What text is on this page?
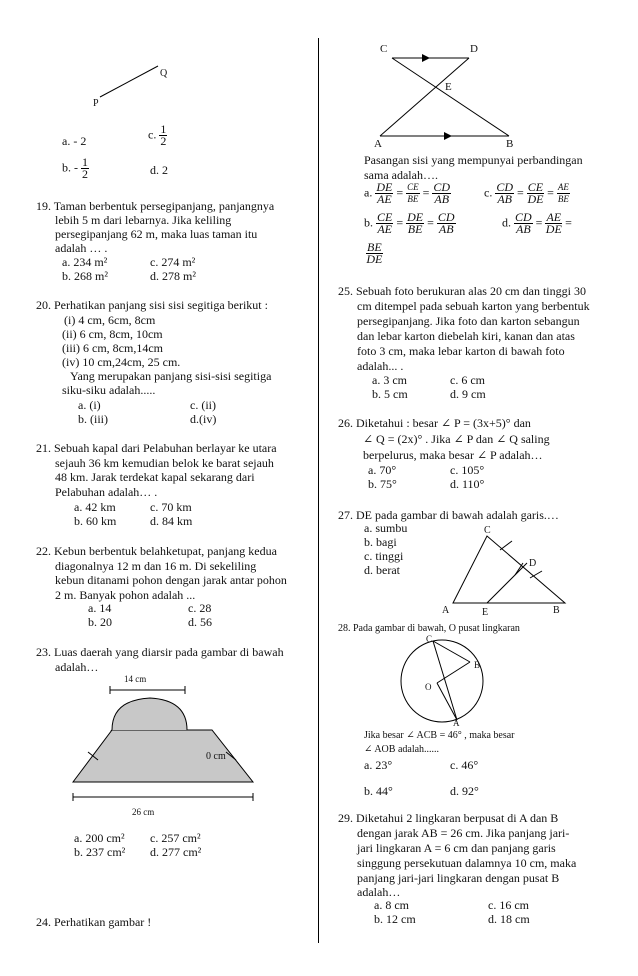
P
Q
a. - 2	c. $\frac{1}{2}$
b. - $\frac{1}{2}$	d. 2
19. Taman berbentuk persegipanjang, panjangnya
lebih 5 m dari lebarnya. Jika keliling
persegipanjang 62 m, maka luas taman itu
adalah … .
a. 234 m²	c. 274 m²
b. 268 m²	d. 278 m²
20. Perhatikan panjang sisi sisi segitiga berikut :
(i) 4 cm, 6cm, 8cm
(ii) 6 cm, 8cm, 10cm
(iii) 6 cm, 8cm,14cm
(iv) 10 cm,24cm, 25 cm.
Yang merupakan panjang sisi-sisi segitiga
siku-siku adalah.....
a. (i)	c. (ii)
b. (iii)	d.(iv)
21. Sebuah kapal dari Pelabuhan berlayar ke utara
sejauh 36 km kemudian belok ke barat sejauh
48 km. Jarak terdekat kapal sekarang dari
Pelabuhan adalah… .
a. 42 km	c. 70 km
b. 60 km	d. 84 km
22. Kebun berbentuk belahketupat, panjang kedua
diagonalnya 12 m dan 16 m. Di sekeliling
kebun ditanami pohon dengan jarak antar pohon
2 m. Banyak pohon adalah ...
a. 14	c. 28
b. 20	d. 56
23. Luas daerah yang diarsir pada gambar di bawah
adalah…
14 cm
0 cm
26 cm
a. 200 cm² c. 257 cm²
b. 237 cm² d. 277 cm²
24. Perhatikan gambar !
C	D
E
A	B
Pasangan sisi yang mempunyai perbandingan
sama adalah….
a. $\frac{DE}{AE} = \frac{CE}{BE} = \frac{CD}{AB}$	c. $\frac{CD}{AB} = \frac{CE}{DE} = \frac{AE}{BE}$
b. $\frac{CE}{AE} = \frac{DE}{BE} = \frac{CD}{AB}$	d. $\frac{CD}{AB} = \frac{AE}{DE}$ =
$\frac{BE}{DE}$
25. Sebuah foto berukuran alas 20 cm dan tinggi 30
cm ditempel pada sebuah karton yang berbentuk
persegipanjang. Jika foto dan karton sebangun
dan lebar karton diebelah kiri, kanan dan atas
foto 3 cm, maka lebar karton di bawah foto
adalah... .
a. 3 cm	c. 6 cm
b. 5 cm	d. 9 cm
26. Diketahui : besar ∠ P = (3x+5)° dan
∠ Q = (2x)° . Jika ∠ P dan ∠ Q saling
berpelurus, maka besar ∠ P adalah…
a. 70°	c. 105°
b. 75°	d. 110°
27. DE pada gambar di bawah adalah garis.…
a. sumbu
b. bagi
c. tinggi
d. berat
C
D
A	E	B
28. Pada gambar di bawah, O pusat lingkaran
C
B
O
A
Jika besar ∠ ACB = 46° , maka besar
∠ AOB adalah......
a. 23°	c. 46°
b. 44°	d. 92°
29. Diketahui 2 lingkaran berpusat di A dan B
dengan jarak AB = 26 cm. Jika panjang jari-
jari lingkaran A = 6 cm dan panjang garis
singgung persekutuan dalamnya 10 cm, maka
panjang jari-jari lingkaran dengan pusat B
adalah…
a. 8 cm	c. 16 cm
b. 12 cm	d. 18 cm
